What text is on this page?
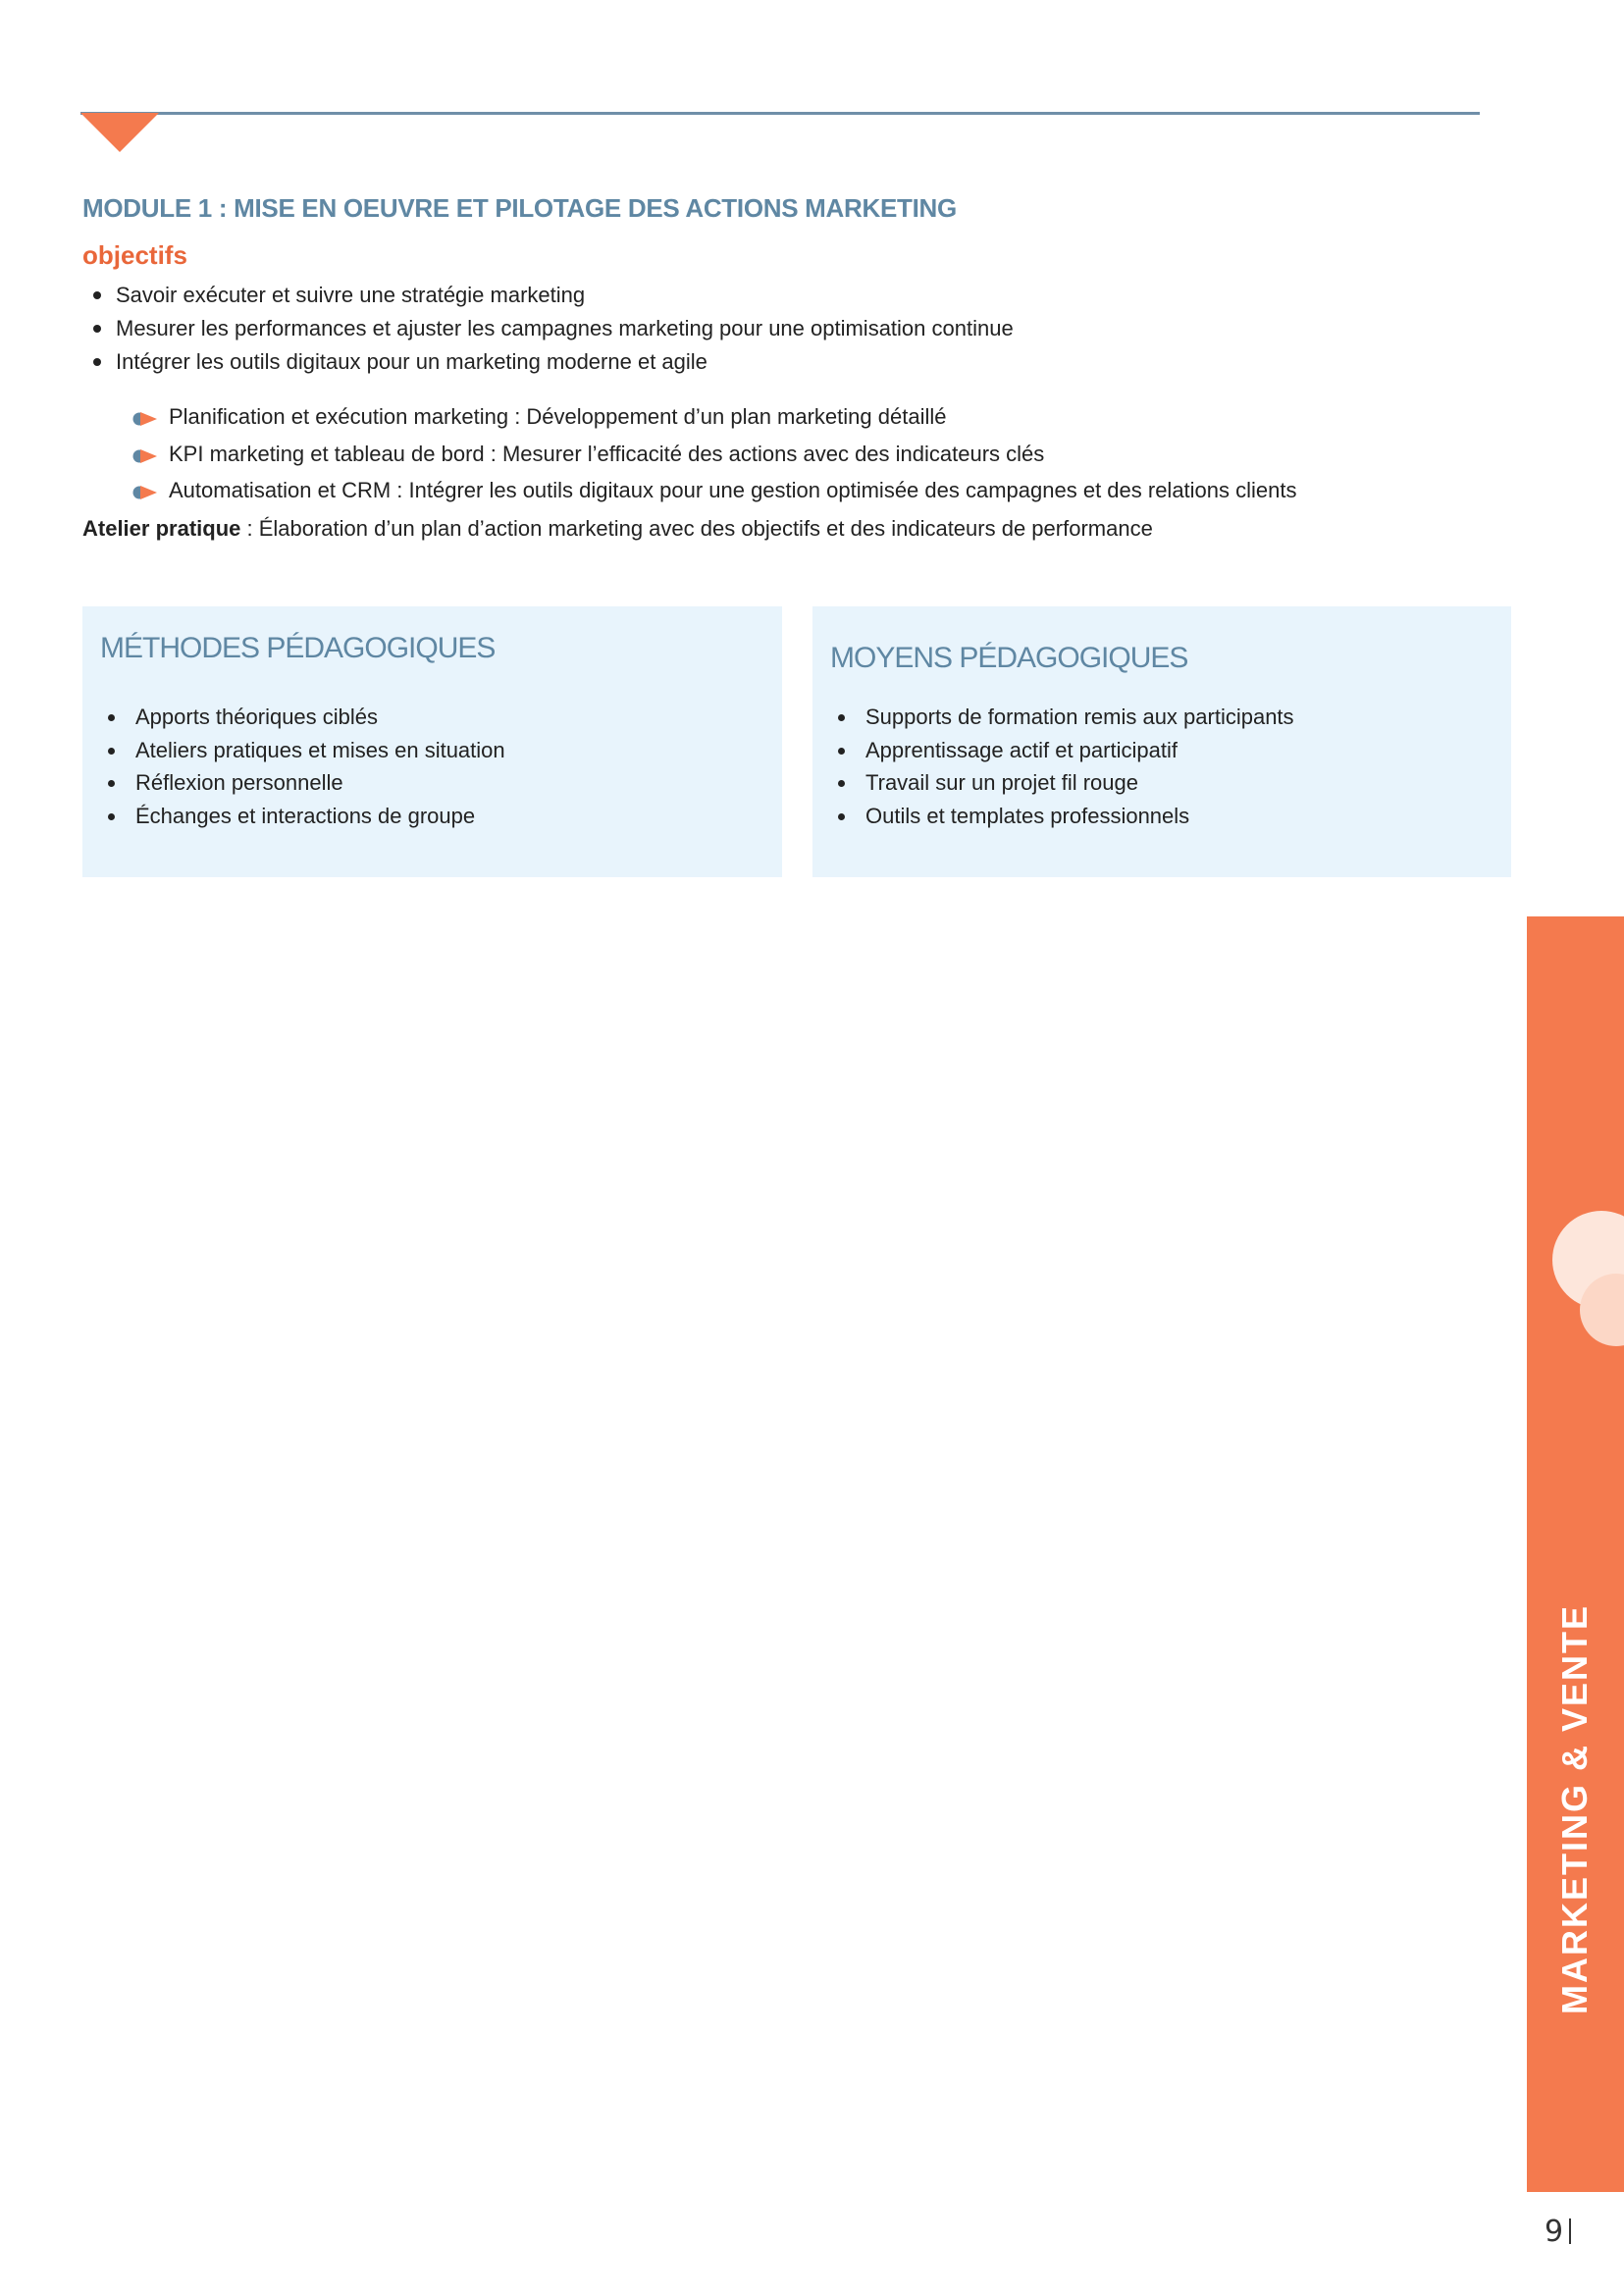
MODULE 1 : MISE EN OEUVRE ET PILOTAGE DES ACTIONS MARKETING
objectifs
Savoir exécuter et suivre une stratégie marketing
Mesurer les performances et ajuster les campagnes marketing pour une optimisation continue
Intégrer les outils digitaux pour un marketing moderne et agile
Planification et exécution marketing : Développement d’un plan marketing détaillé
KPI marketing et tableau de bord : Mesurer l’efficacité des actions avec des indicateurs clés
Automatisation et CRM : Intégrer les outils digitaux pour une gestion optimisée des campagnes et des relations clients
Atelier pratique : Élaboration d’un plan d’action marketing avec des objectifs et des indicateurs de performance
MÉTHODES PÉDAGOGIQUES
Apports théoriques ciblés
Ateliers pratiques et mises en situation
Réflexion personnelle
Échanges et interactions de groupe
MOYENS PÉDAGOGIQUES
Supports de formation remis aux participants
Apprentissage actif et participatif
Travail sur un projet fil rouge
Outils et templates professionnels
MARKETING & VENTE
9
